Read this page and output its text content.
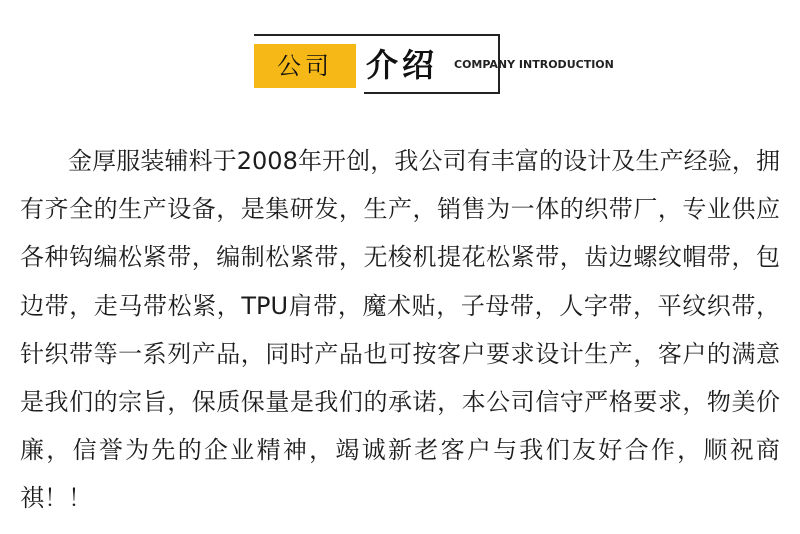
公司	介绍 COMPANY INTRODUCTION

金厚服装辅料于2008年开创，我公司有丰富的设计及生产经验，拥有齐全的生产设备，是集研发，生产，销售为一体的织带厂，专业供应各种钩编松紧带，编制松紧带，无梭机提花松紧带，齿边螺纹帽带，包边带，走马带松紧，TPU肩带，魔术贴，子母带，人字带，平纹织带，针织带等一系列产品，同时产品也可按客户要求设计生产，客户的满意是我们的宗旨，保质保量是我们的承诺，本公司信守严格要求，物美价廉，信誉为先的企业精神，竭诚新老客户与我们友好合作，顺祝商祺！！
